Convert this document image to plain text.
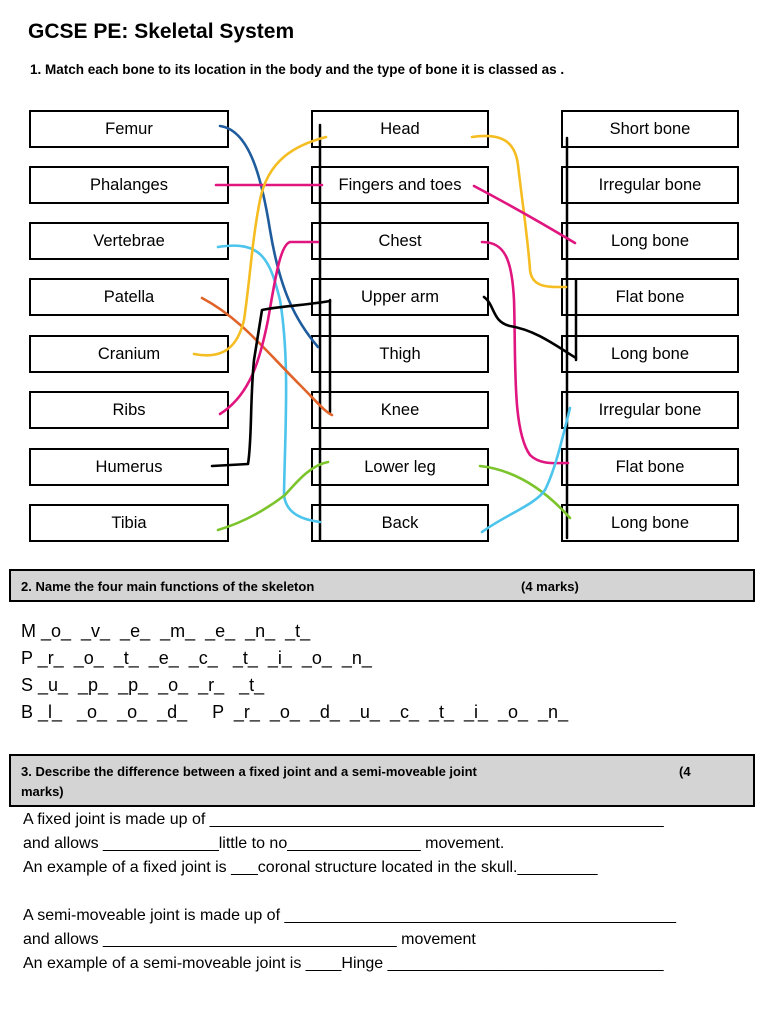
GCSE PE: Skeletal System
1. Match each bone to its location in the body and the type of bone it is classed as .
Femur
Phalanges
Vertebrae
Patella
Cranium
Ribs
Humerus
Tibia
Head
Fingers and toes
Chest
Upper arm
Thigh
Knee
Lower leg
Back
Short bone
Irregular bone
Long bone
Flat bone
Long bone
Irregular bone
Flat bone
Long bone
2. Name the four main functions of the skeleton	(4 marks)
M _o_  _v_  _e_  _m_  _e_  _n_  _t_
P _r_  _o_  _t_  _e_  _c_   _t_  _i_  _o_  _n_
S _u_  _p_  _p_  _o_  _r_   _t_
B _l_   _o_  _o_  _d_     P  _r_  _o_  _d_  _u_  _c_  _t_  _i_  _o_  _n_
3. Describe the difference between a fixed joint and a semi-moveable joint	(4
marks)
A fixed joint is made up of ___________________________________________________
and allows _____________little to no_______________ movement.
An example of a fixed joint is ___coronal structure located in the skull._________
A semi-moveable joint is made up of ____________________________________________
and allows _________________________________ movement
An example of a semi-moveable joint is ____Hinge _______________________________
